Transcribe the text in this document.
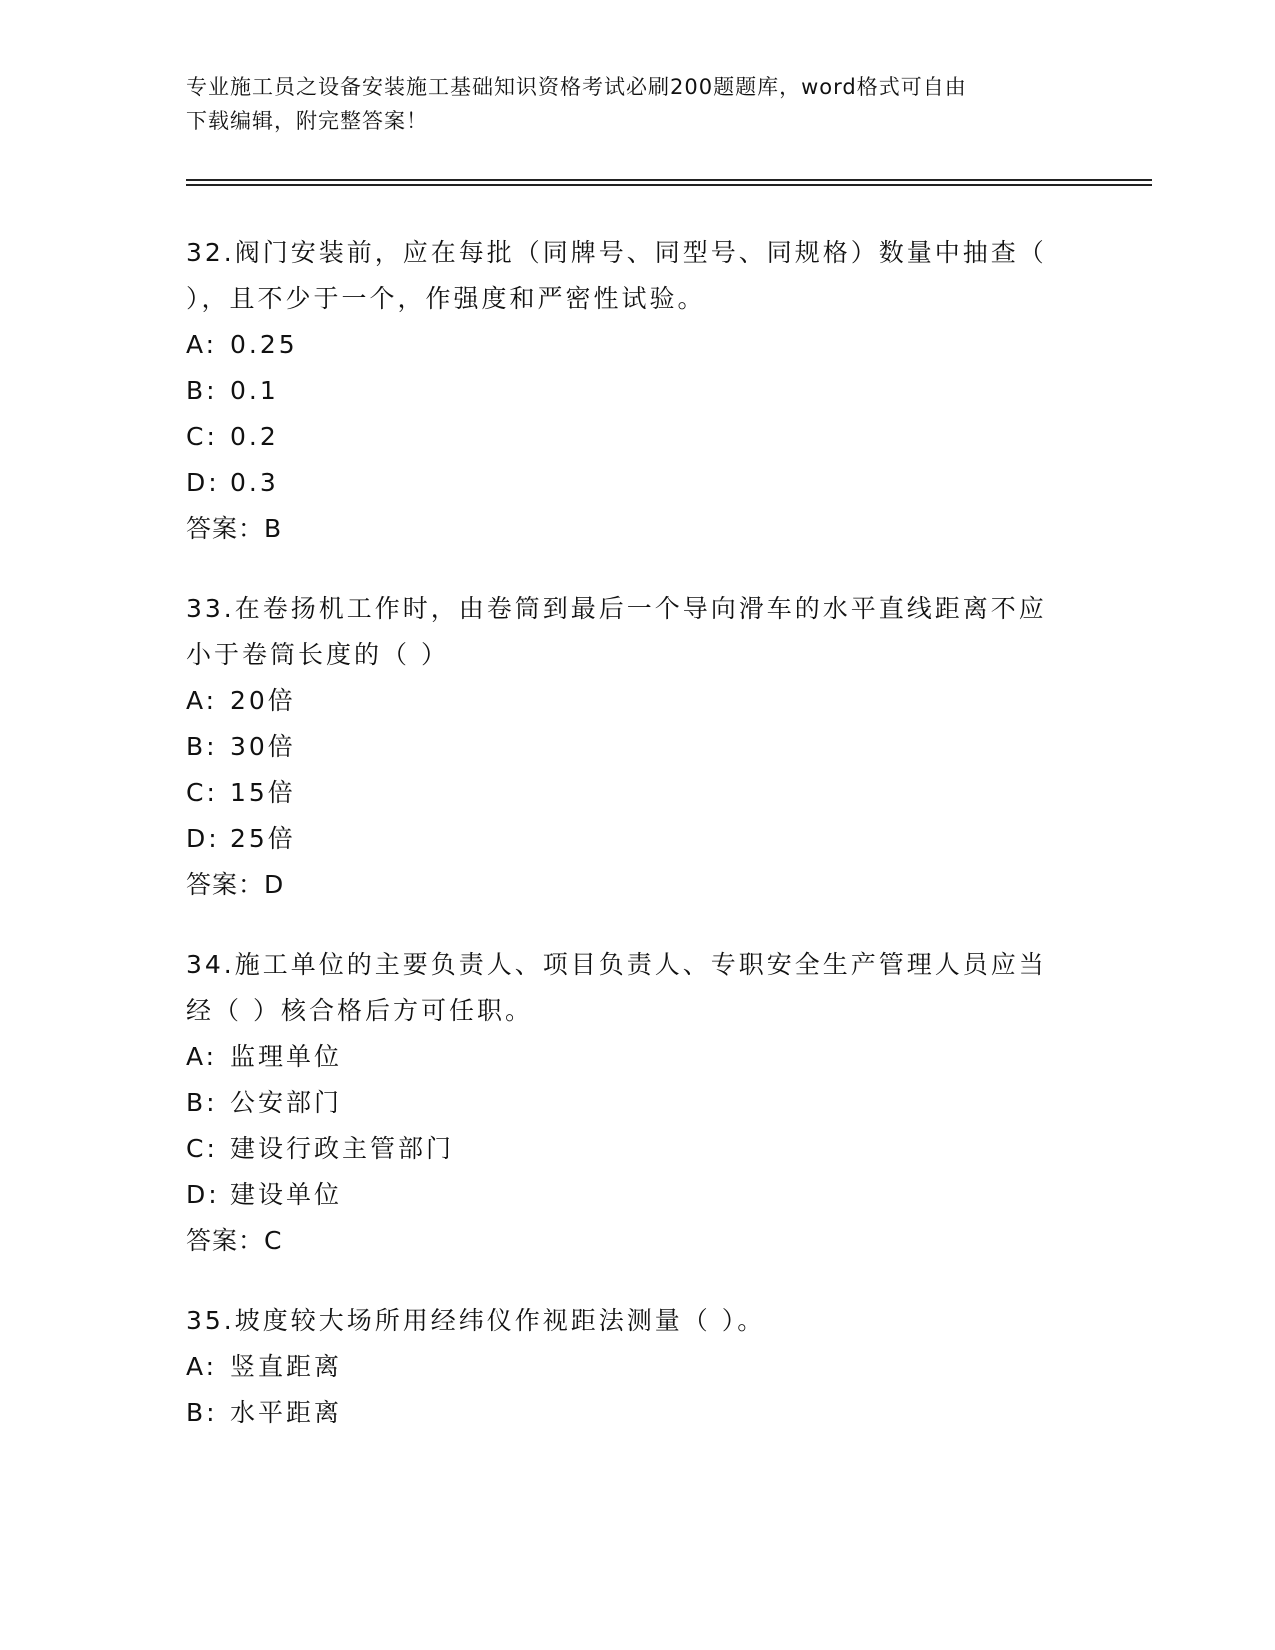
专业施工员之设备安装施工基础知识资格考试必刷200题题库，word格式可自由
下载编辑，附完整答案！
32.阀门安装前，应在每批（同牌号、同型号、同规格）数量中抽查（
），且不少于一个，作强度和严密性试验。
A: 0.25
B: 0.1
C: 0.2
D: 0.3
答案：B
33.在卷扬机工作时，由卷筒到最后一个导向滑车的水平直线距离不应
小于卷筒长度的（ ）
A: 20倍
B: 30倍
C: 15倍
D: 25倍
答案：D
34.施工单位的主要负责人、项目负责人、专职安全生产管理人员应当
经（ ）核合格后方可任职。
A: 监理单位
B: 公安部门
C: 建设行政主管部门
D: 建设单位
答案：C
35.坡度较大场所用经纬仪作视距法测量（ ）。
A: 竖直距离
B: 水平距离
